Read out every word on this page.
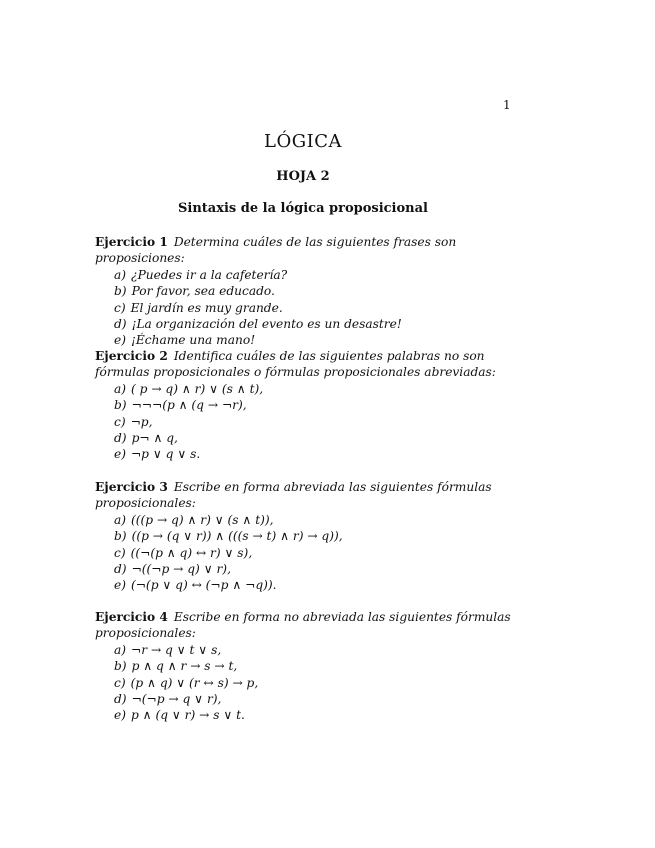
1
LÓGICA
HOJA 2
Sintaxis de la lógica proposicional
Ejercicio 1 Determina cuáles de las siguientes frases son proposiciones:
a) ¿Puedes ir a la cafetería?
b) Por favor, sea educado.
c) El jardín es muy grande.
d) ¡La organización del evento es un desastre!
e) ¡Échame una mano!
Ejercicio 2 Identifica cuáles de las siguientes palabras no son fórmulas proposicionales o fórmulas proposicionales abreviadas:
a) ( p → q) ∧ r) ∨ (s ∧ t),
b) ¬¬¬(p ∧ (q → ¬r),
c) ¬p,
d) p¬ ∧ q,
e) ¬p ∨ q ∨ s.
Ejercicio 3 Escribe en forma abreviada las siguientes fórmulas proposicionales:
a) (((p → q) ∧ r) ∨ (s ∧ t)),
b) ((p → (q ∨ r)) ∧ (((s → t) ∧ r) → q)),
c) ((¬(p ∧ q) ↔ r) ∨ s),
d) ¬((¬p → q) ∨ r),
e) (¬(p ∨ q) ↔ (¬p ∧ ¬q)).
Ejercicio 4 Escribe en forma no abreviada las siguientes fórmulas proposicionales:
a) ¬r → q ∨ t ∨ s,
b) p ∧ q ∧ r → s → t,
c) (p ∧ q) ∨ (r ↔ s) → p,
d) ¬(¬p → q ∨ r),
e) p ∧ (q ∨ r) → s ∨ t.
